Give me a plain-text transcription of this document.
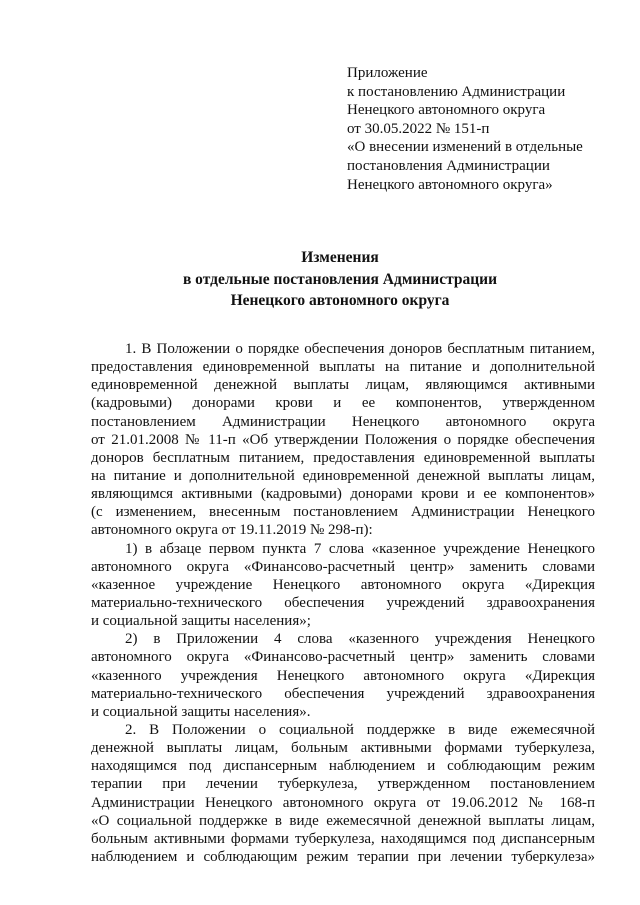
Приложение
к постановлению Администрации
Ненецкого автономного округа
от 30.05.2022 № 151-п
«О внесении изменений в отдельные
постановления Администрации
Ненецкого автономного округа»
Изменения
в отдельные постановления Администрации
Ненецкого автономного округа
1. В Положении о порядке обеспечения доноров бесплатным питанием,
предоставления единовременной выплаты на питание и дополнительной
единовременной денежной выплаты лицам, являющимся активными
(кадровыми) донорами крови и ее компонентов, утвержденном
постановлением Администрации Ненецкого автономного округа
от 21.01.2008 № 11-п «Об утверждении Положения о порядке обеспечения
доноров бесплатным питанием, предоставления единовременной выплаты
на питание и дополнительной единовременной денежной выплаты лицам,
являющимся активными (кадровыми) донорами крови и ее компонентов»
(с изменением, внесенным постановлением Администрации Ненецкого
автономного округа от 19.11.2019 № 298-п):
1) в абзаце первом пункта 7 слова «казенное учреждение Ненецкого
автономного округа «Финансово-расчетный центр» заменить словами
«казенное учреждение Ненецкого автономного округа «Дирекция
материально-технического обеспечения учреждений здравоохранения
и социальной защиты населения»;
2) в Приложении 4 слова «казенного учреждения Ненецкого
автономного округа «Финансово-расчетный центр» заменить словами
«казенного учреждения Ненецкого автономного округа «Дирекция
материально-технического обеспечения учреждений здравоохранения
и социальной защиты населения».
2. В Положении о социальной поддержке в виде ежемесячной
денежной выплаты лицам, больным активными формами туберкулеза,
находящимся под диспансерным наблюдением и соблюдающим режим
терапии при лечении туберкулеза, утвержденном постановлением
Администрации Ненецкого автономного округа от 19.06.2012 № 168-п
«О социальной поддержке в виде ежемесячной денежной выплаты лицам,
больным активными формами туберкулеза, находящимся под диспансерным
наблюдением и соблюдающим режим терапии при лечении туберкулеза»
